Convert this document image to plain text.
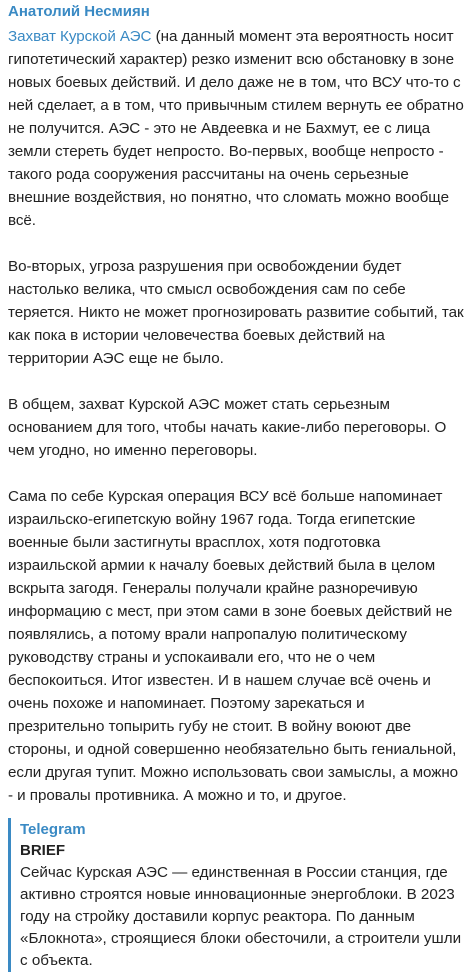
Анатолий Несмиян

Захват Курской АЭС (на данный момент эта вероятность носит гипотетический характер) резко изменит всю обстановку в зоне новых боевых действий. И дело даже не в том, что ВСУ что-то с ней сделает, а в том, что привычным стилем вернуть ее обратно не получится. АЭС - это не Авдеевка и не Бахмут, ее с лица земли стереть будет непросто. Во-первых, вообще непросто - такого рода сооружения рассчитаны на очень серьезные внешние воздействия, но понятно, что сломать можно вообще всё.

Во-вторых, угроза разрушения при освобождении будет настолько велика, что смысл освобождения сам по себе теряется. Никто не может прогнозировать развитие событий, так как пока в истории человечества боевых действий на территории АЭС еще не было.

В общем, захват Курской АЭС может стать серьезным основанием для того, чтобы начать какие-либо переговоры. О чем угодно, но именно переговоры.

Сама по себе Курская операция ВСУ всё больше напоминает израильско-египетскую войну 1967 года. Тогда египетские военные были застигнуты врасплох, хотя подготовка израильской армии к началу боевых действий была в целом вскрыта загодя. Генералы получали крайне разноречивую информацию с мест, при этом сами в зоне боевых действий не появлялись, а потому врали напропалую политическому руководству страны и успокаивали его, что не о чем беспокоиться. Итог известен. И в нашем случае всё очень и очень похоже и напоминает. Поэтому зарекаться и презрительно топырить губу не стоит. В войну воюют две стороны, и одной совершенно необязательно быть гениальной, если другая тупит. Можно использовать свои замыслы, а можно - и провалы противника. А можно и то, и другое.

Telegram
BRIEF
Сейчас Курская АЭС — единственная в России станция, где активно строятся новые инновационные энергоблоки. В 2023 году на стройку доставили корпус реактора. По данным «Блокнота», строящиеся блоки обесточили, а строители ушли с объекта.
